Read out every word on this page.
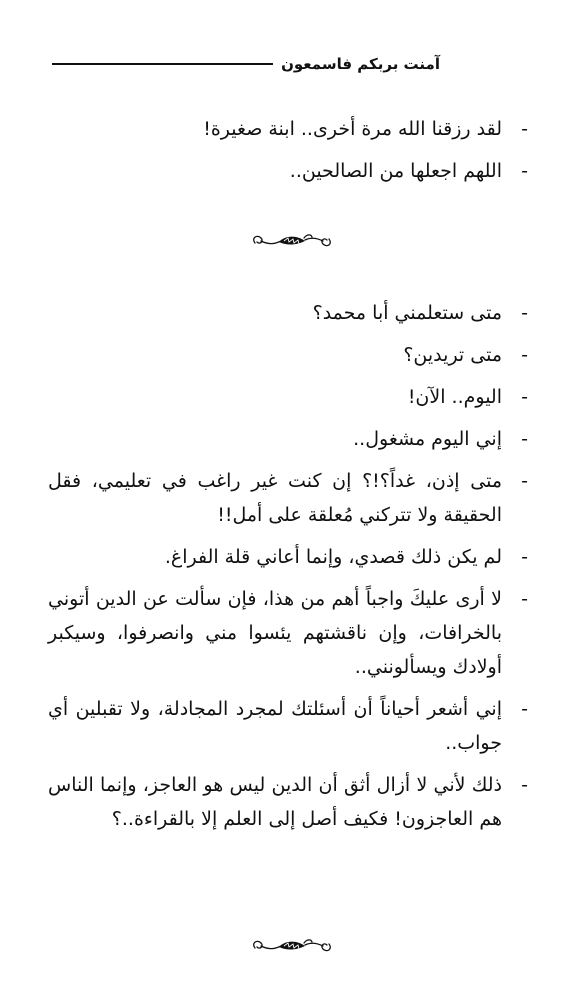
آمنت بربكم فاسمعون
-
لقد رزقنا الله مرة أخرى.. ابنة صغيرة!
-
اللهم اجعلها من الصالحين..
-
متى ستعلمني أبا محمد؟
-
متى تريدين؟
-
اليوم.. الآن!
-
إني اليوم مشغول..
-
متى إذن، غداً؟!؟ إن كنت غير راغب في تعليمي، فقل الحقيقة ولا تتركني مُعلقة على أمل!!
-
لم يكن ذلك قصدي، وإنما أعاني قلة الفراغ.
-
لا أرى عليكَ واجباً أهم من هذا، فإن سألت عن الدين أتوني بالخرافات، وإن ناقشتهم يئسوا مني وانصرفوا، وسيكبر أولادك ويسألونني..
-
إني أشعر أحياناً أن أسئلتك لمجرد المجادلة، ولا تقبلين أي جواب..
-
ذلك لأني لا أزال أثق أن الدين ليس هو العاجز، وإنما الناس هم العاجزون! فكيف أصل إلى العلم إلا بالقراءة..؟
